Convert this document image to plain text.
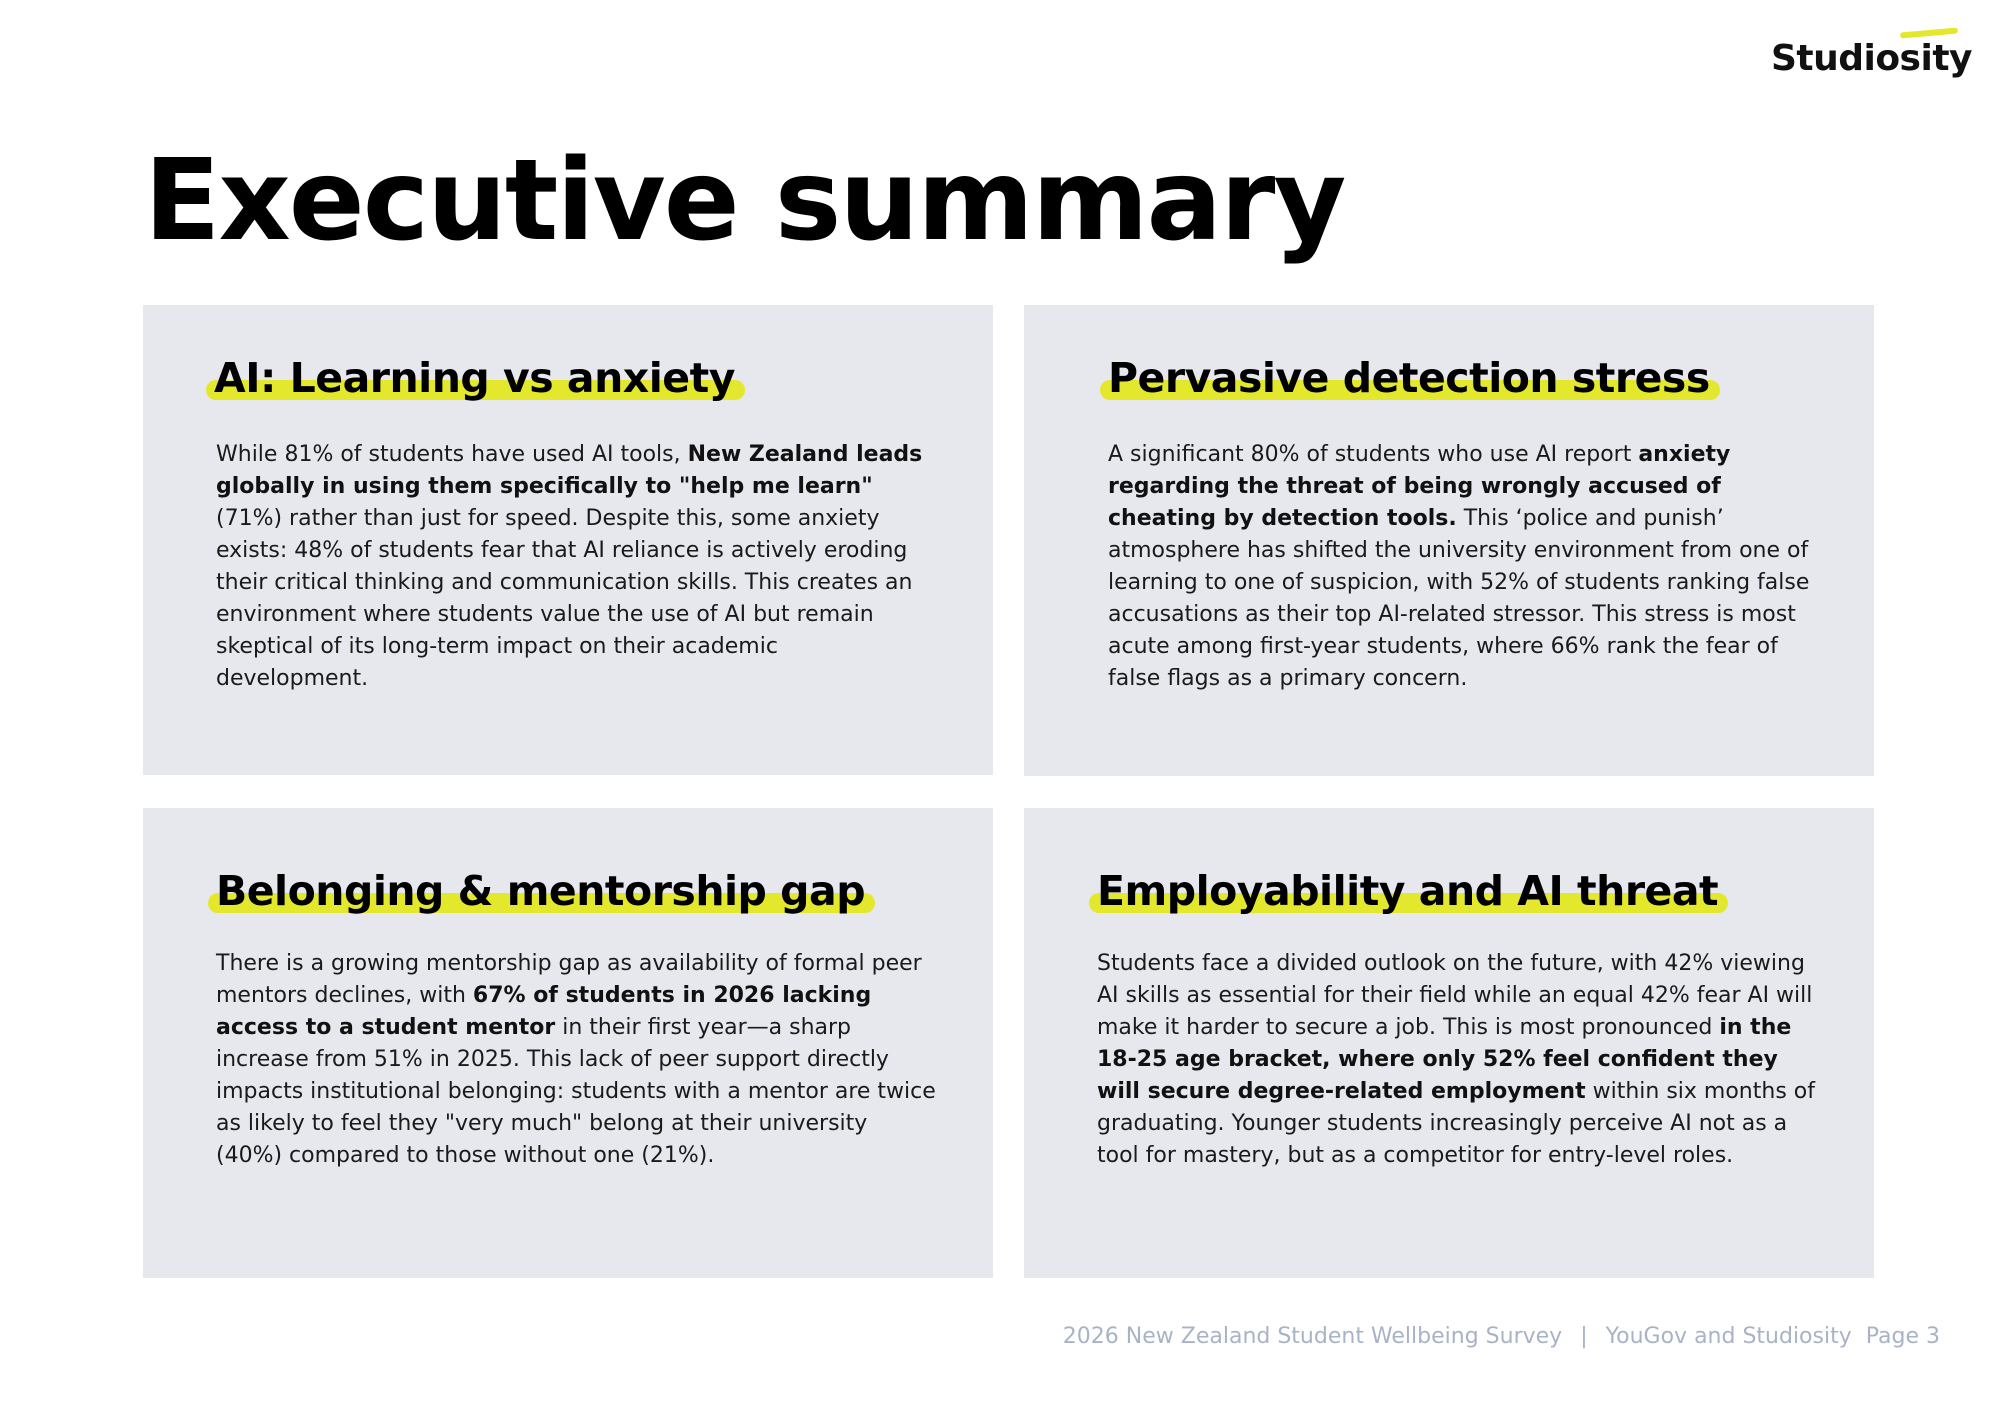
Studiosity
Executive summary
AI: Learning vs anxiety

While 81% of students have used AI tools, New Zealand leads globally in using them specifically to "help me learn" (71%) rather than just for speed. Despite this, some anxiety exists: 48% of students fear that AI reliance is actively eroding their critical thinking and communication skills. This creates an environment where students value the use of AI but remain skeptical of its long-term impact on their academic development.

Pervasive detection stress

A significant 80% of students who use AI report anxiety regarding the threat of being wrongly accused of cheating by detection tools. This ‘police and punish’ atmosphere has shifted the university environment from one of learning to one of suspicion, with 52% of students ranking false accusations as their top AI-related stressor. This stress is most acute among first-year students, where 66% rank the fear of false flags as a primary concern.

Belonging & mentorship gap

There is a growing mentorship gap as availability of formal peer mentors declines, with 67% of students in 2026 lacking access to a student mentor in their first year—a sharp increase from 51% in 2025. This lack of peer support directly impacts institutional belonging: students with a mentor are twice as likely to feel they "very much" belong at their university (40%) compared to those without one (21%).

Employability and AI threat

Students face a divided outlook on the future, with 42% viewing AI skills as essential for their field while an equal 42% fear AI will make it harder to secure a job. This is most pronounced in the 18-25 age bracket, where only 52% feel confident they will secure degree-related employment within six months of graduating. Younger students increasingly perceive AI not as a tool for mastery, but as a competitor for entry-level roles.

2026 New Zealand Student Wellbeing Survey | YouGov and Studiosity Page 3
